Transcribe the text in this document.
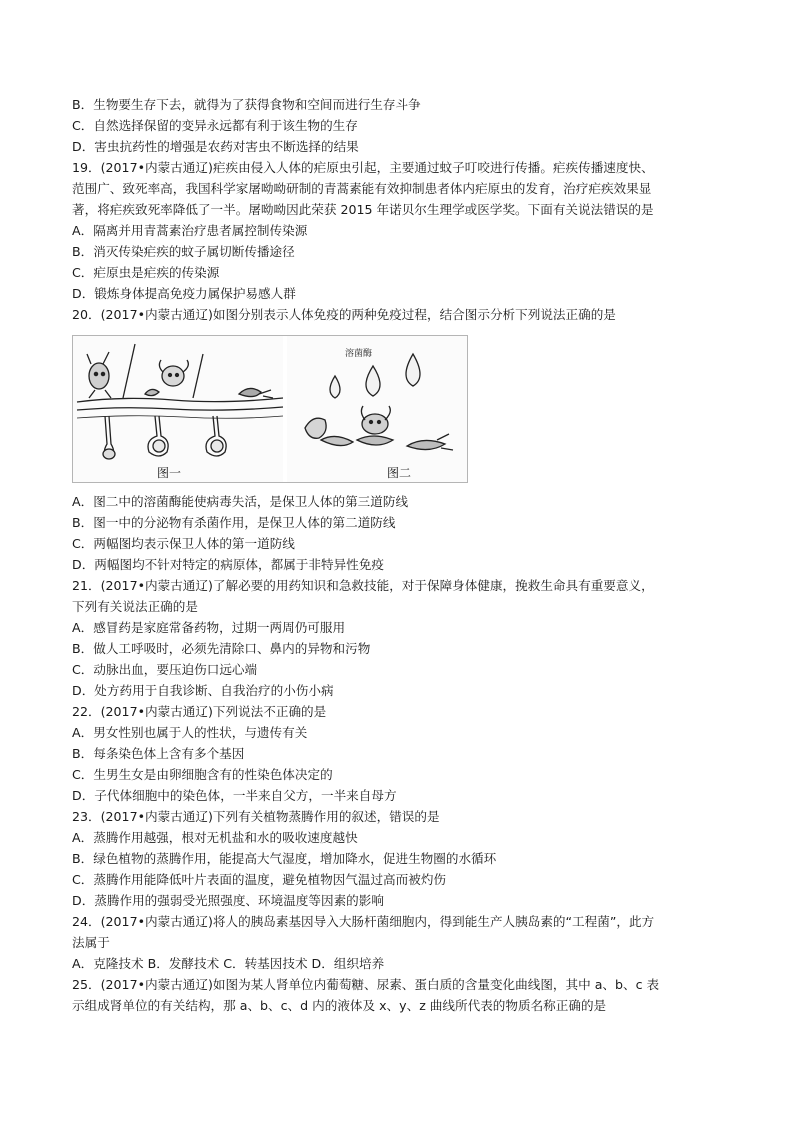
B．生物要生存下去，就得为了获得食物和空间而进行生存斗争
C．自然选择保留的变异永远都有利于该生物的生存
D．害虫抗药性的增强是农药对害虫不断选择的结果
19．(2017•内蒙古通辽)疟疾由侵入人体的疟原虫引起，主要通过蚊子叮咬进行传播。疟疾传播速度快、
范围广、致死率高，我国科学家屠呦呦研制的青蒿素能有效抑制患者体内疟原虫的发育，治疗疟疾效果显
著，将疟疾致死率降低了一半。屠呦呦因此荣获 2015 年诺贝尔生理学或医学奖。下面有关说法错误的是
A．隔离并用青蒿素治疗患者属控制传染源
B．消灭传染疟疾的蚊子属切断传播途径
C．疟原虫是疟疾的传染源
D．锻炼身体提高免疫力属保护易感人群
20．(2017•内蒙古通辽)如图分别表示人体免疫的两种免疫过程，结合图示分析下列说法正确的是
溶菌酶
图一	图二
A．图二中的溶菌酶能使病毒失活，是保卫人体的第三道防线
B．图一中的分泌物有杀菌作用，是保卫人体的第二道防线
C．两幅图均表示保卫人体的第一道防线
D．两幅图均不针对特定的病原体，都属于非特异性免疫
21．(2017•内蒙古通辽)了解必要的用药知识和急救技能，对于保障身体健康，挽救生命具有重要意义，
下列有关说法正确的是
A．感冒药是家庭常备药物，过期一两周仍可服用
B．做人工呼吸时，必须先清除口、鼻内的异物和污物
C．动脉出血，要压迫伤口远心端
D．处方药用于自我诊断、自我治疗的小伤小病
22．(2017•内蒙古通辽)下列说法不正确的是
A．男女性别也属于人的性状，与遗传有关
B．每条染色体上含有多个基因
C．生男生女是由卵细胞含有的性染色体决定的
D．子代体细胞中的染色体，一半来自父方，一半来自母方
23．(2017•内蒙古通辽)下列有关植物蒸腾作用的叙述，错误的是
A．蒸腾作用越强，根对无机盐和水的吸收速度越快
B．绿色植物的蒸腾作用，能提高大气湿度，增加降水，促进生物圈的水循环
C．蒸腾作用能降低叶片表面的温度，避免植物因气温过高而被灼伤
D．蒸腾作用的强弱受光照强度、环境温度等因素的影响
24．(2017•内蒙古通辽)将人的胰岛素基因导入大肠杆菌细胞内，得到能生产人胰岛素的“工程菌”，此方
法属于
A．克隆技术 B．发酵技术 C．转基因技术 D．组织培养
25．(2017•内蒙古通辽)如图为某人肾单位内葡萄糖、尿素、蛋白质的含量变化曲线图，其中 a、b、c 表
示组成肾单位的有关结构，那 a、b、c、d 内的液体及 x、y、z 曲线所代表的物质名称正确的是
